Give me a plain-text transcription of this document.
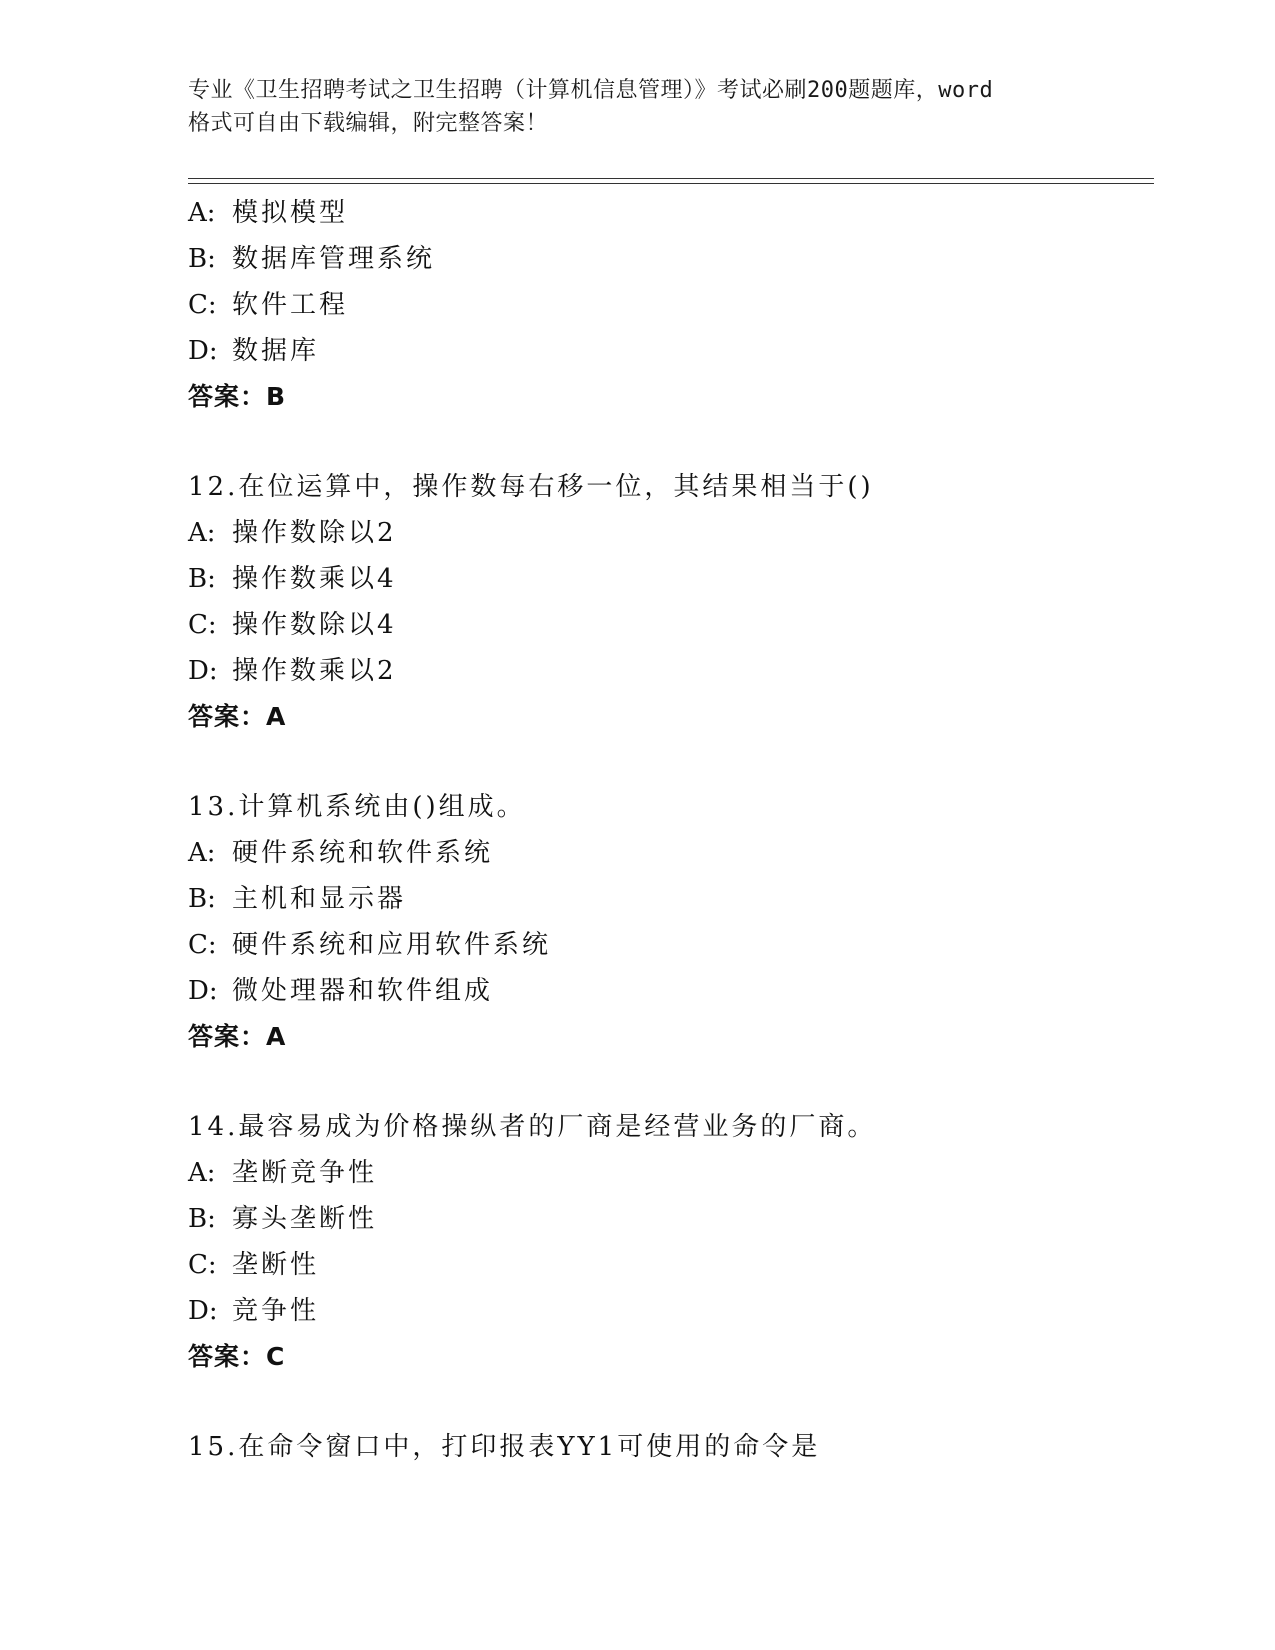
专业《卫生招聘考试之卫生招聘（计算机信息管理）》考试必刷200题题库，word
格式可自由下载编辑，附完整答案！
A: 模拟模型
B: 数据库管理系统
C: 软件工程
D: 数据库
答案：B
12.在位运算中，操作数每右移一位，其结果相当于()
A: 操作数除以2
B: 操作数乘以4
C: 操作数除以4
D: 操作数乘以2
答案：A
13.计算机系统由()组成。
A: 硬件系统和软件系统
B: 主机和显示器
C: 硬件系统和应用软件系统
D: 微处理器和软件组成
答案：A
14.最容易成为价格操纵者的厂商是经营业务的厂商。
A: 垄断竞争性
B: 寡头垄断性
C: 垄断性
D: 竞争性
答案：C
15.在命令窗口中，打印报表YY1可使用的命令是
